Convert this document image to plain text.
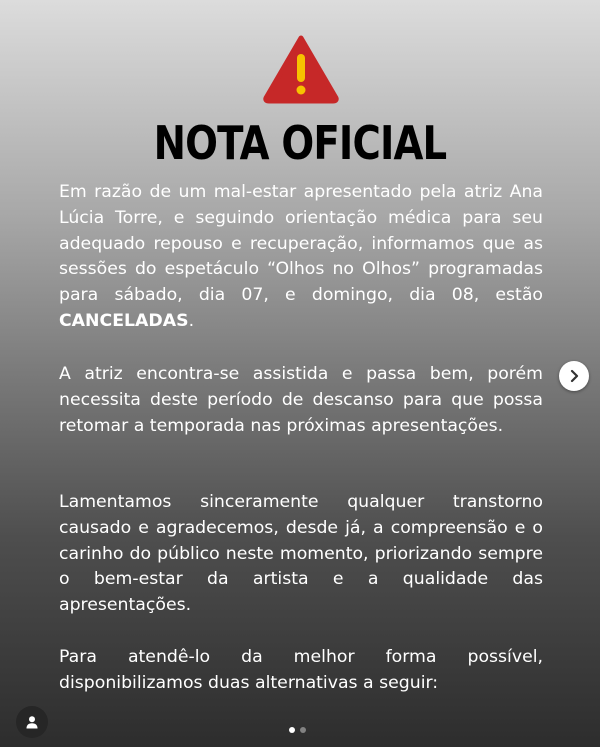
NOTA OFICIAL

Em razão de um mal-estar apresentado pela atriz Ana Lúcia Torre, e seguindo orientação médica para seu adequado repouso e recuperação, informamos que as sessões do espetáculo “Olhos no Olhos” programadas para sábado, dia 07, e domingo, dia 08, estão CANCELADAS.

A atriz encontra-se assistida e passa bem, porém necessita deste período de descanso para que possa retomar a temporada nas próximas apresentações.

Lamentamos sinceramente qualquer transtorno causado e agradecemos, desde já, a compreensão e o carinho do público neste momento, priorizando sempre o bem-estar da artista e a qualidade das apresentações.

Para atendê-lo da melhor forma possível, disponibilizamos duas alternativas a seguir:
